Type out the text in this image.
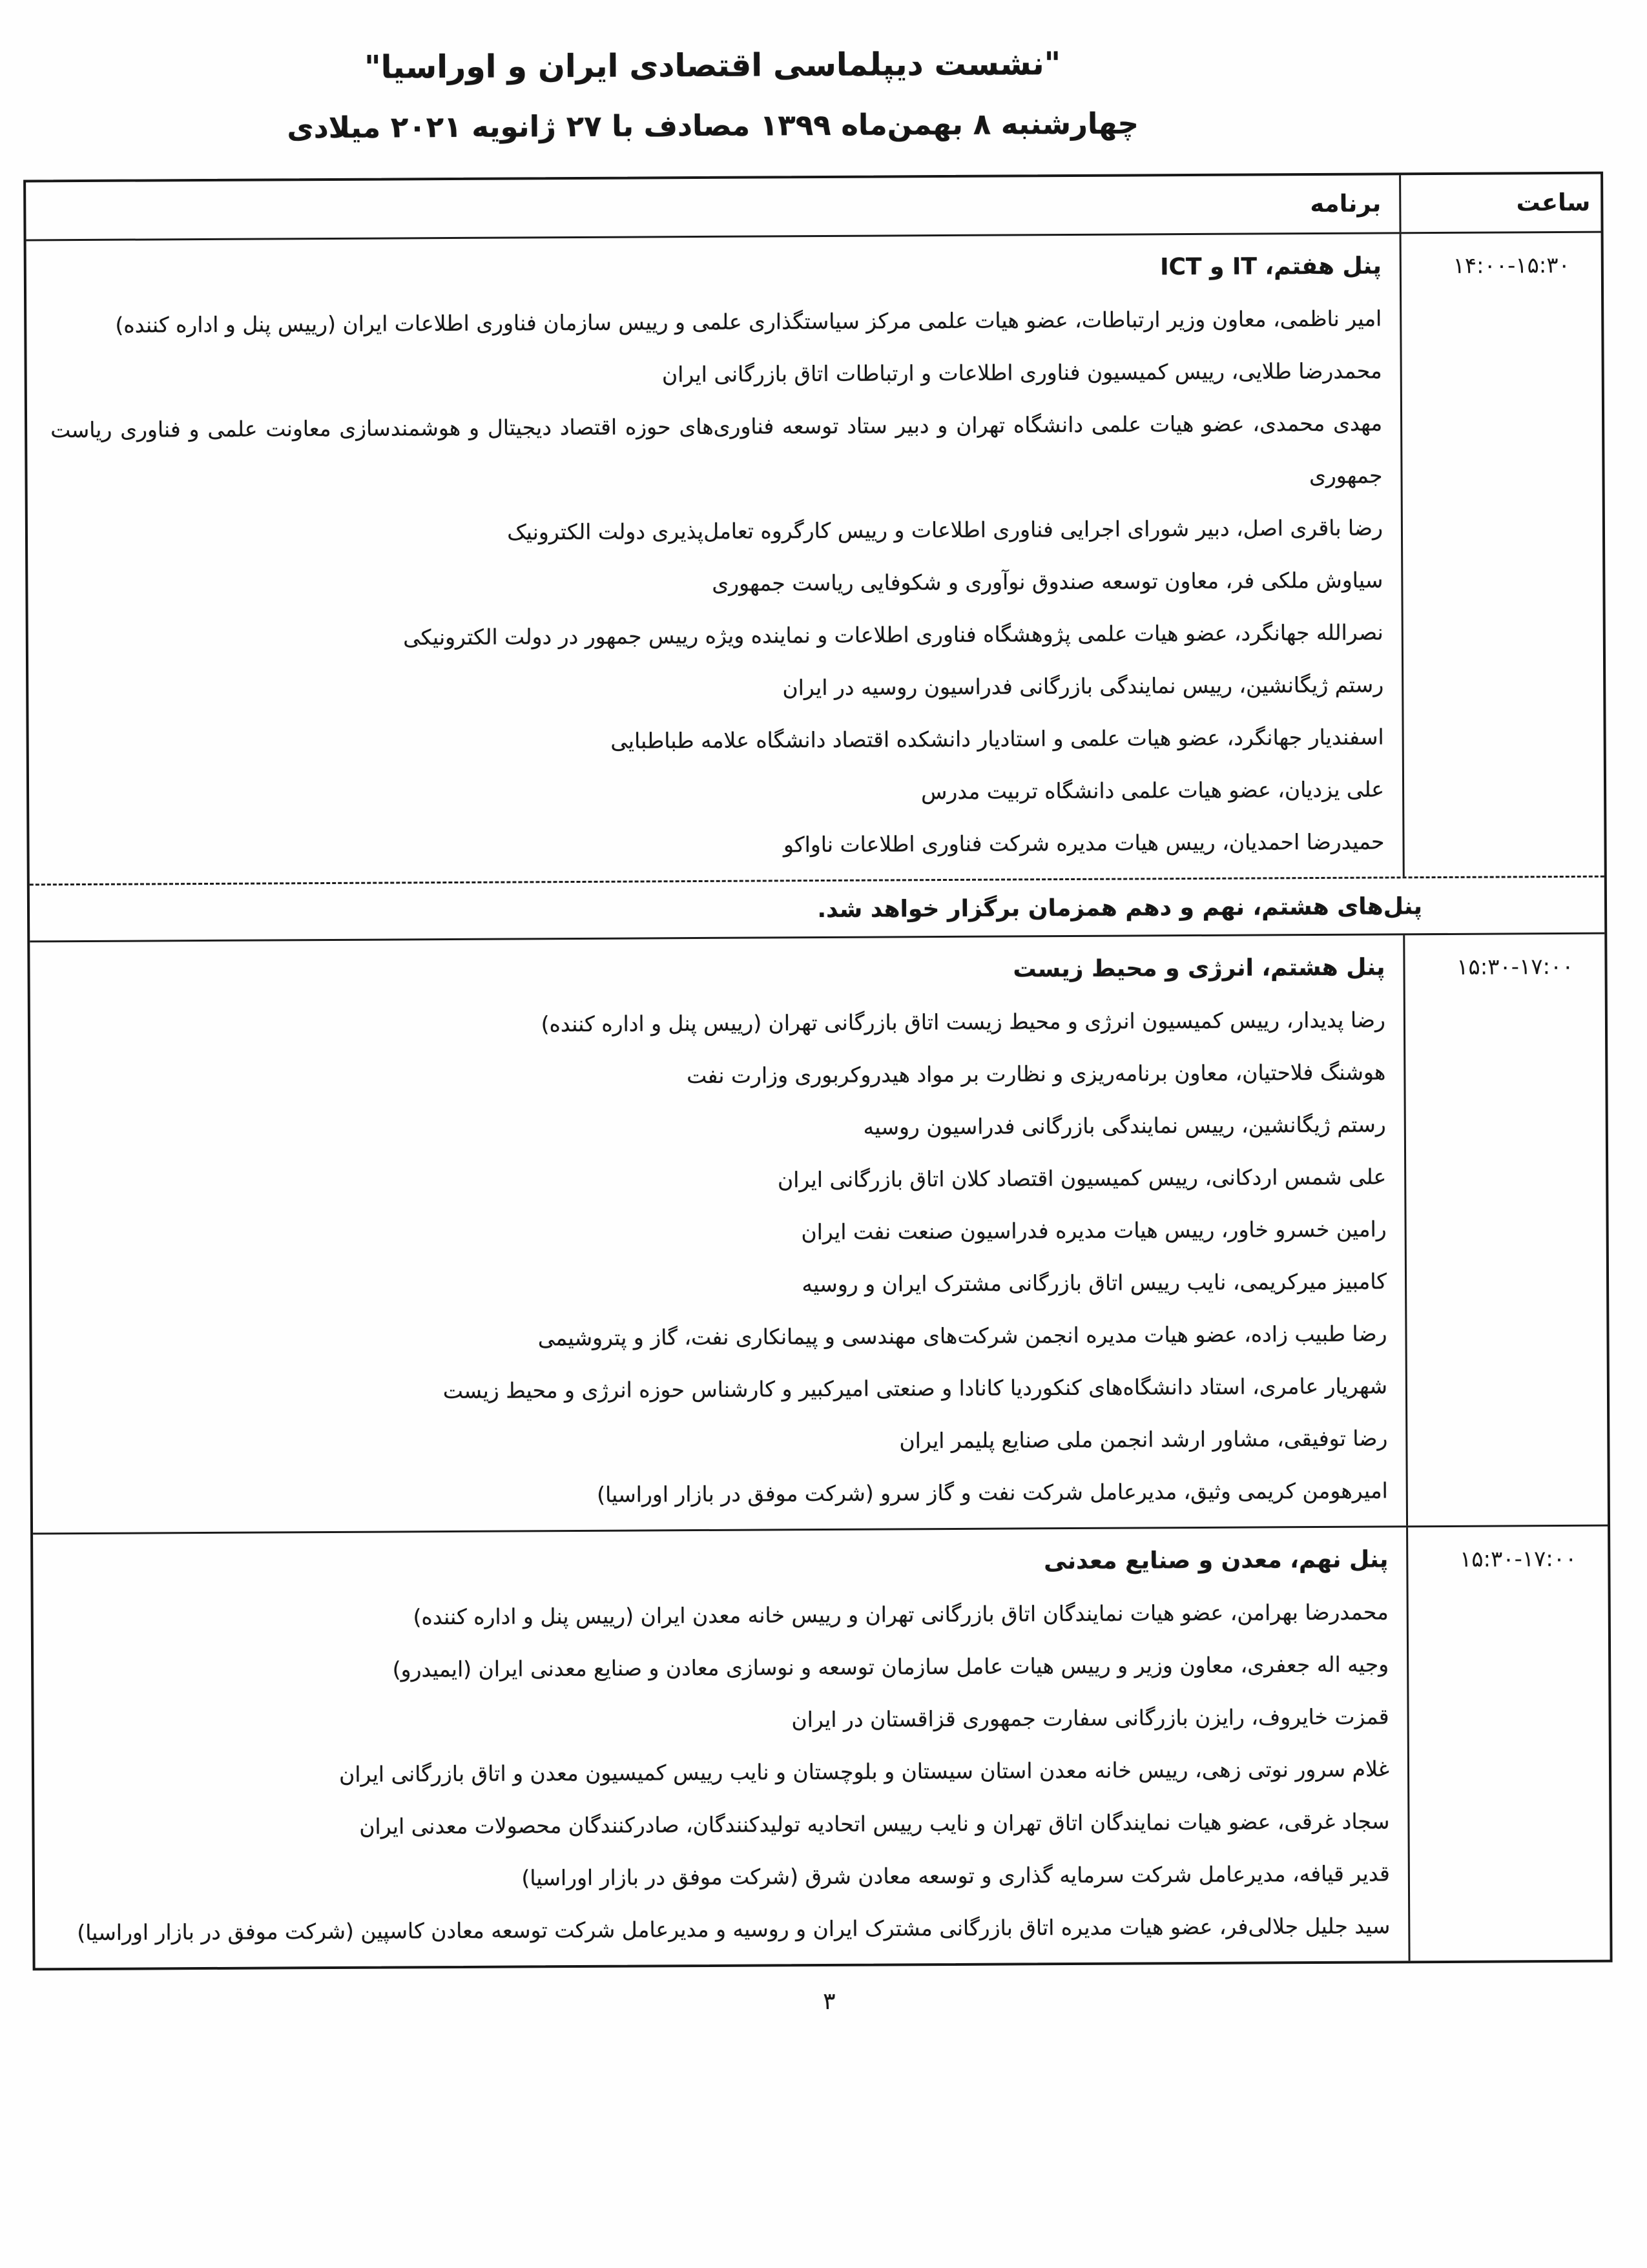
"نشست دیپلماسی اقتصادی ایران و اوراسیا"

چهارشنبه ۸ بهمن‌ماه ۱۳۹۹ مصادف با ۲۷ ژانویه ۲۰۲۱ میلادی

ساعت
برنامه
۱۴:۰۰-۱۵:۳۰

پنل هفتم، IT و ICT

امیر ناظمی، معاون وزیر ارتباطات، عضو هیات علمی مرکز سیاستگذاری علمی و رییس سازمان فناوری اطلاعات ایران (رییس پنل و اداره کننده)

محمدرضا طلایی، رییس کمیسیون فناوری اطلاعات و ارتباطات اتاق بازرگانی ایران

مهدی محمدی، عضو هیات علمی دانشگاه تهران و دبیر ستاد توسعه فناوری‌های حوزه اقتصاد دیجیتال و هوشمندسازی معاونت علمی و فناوری ریاست جمهوری

رضا باقری اصل، دبیر شورای اجرایی فناوری اطلاعات و رییس کارگروه تعامل‌پذیری دولت الکترونیک

سیاوش ملکی فر، معاون توسعه صندوق نوآوری و شکوفایی ریاست جمهوری

نصرالله جهانگرد، عضو هیات علمی پژوهشگاه فناوری اطلاعات و نماینده ویژه رییس جمهور در دولت الکترونیکی

رستم ژیگانشین، رییس نمایندگی بازرگانی فدراسیون روسیه در ایران

اسفندیار جهانگرد، عضو هیات علمی و استادیار دانشکده اقتصاد دانشگاه علامه طباطبایی

علی یزدیان، عضو هیات علمی دانشگاه تربیت مدرس

حمیدرضا احمدیان، رییس هیات مدیره شرکت فناوری اطلاعات ناواکو

پنل‌های هشتم، نهم و دهم همزمان برگزار خواهد شد.
۱۵:۳۰-۱۷:۰۰

پنل هشتم، انرژی و محیط زیست

رضا پدیدار، رییس کمیسیون انرژی و محیط زیست اتاق بازرگانی تهران (رییس پنل و اداره کننده)

هوشنگ فلاحتیان، معاون برنامه‌ریزی و نظارت بر مواد هیدروکربوری وزارت نفت

رستم ژیگانشین، رییس نمایندگی بازرگانی فدراسیون روسیه

علی شمس اردکانی، رییس کمیسیون اقتصاد کلان اتاق بازرگانی ایران

رامین خسرو خاور، رییس هیات مدیره فدراسیون صنعت نفت ایران

کامبیز میرکریمی، نایب رییس اتاق بازرگانی مشترک ایران و روسیه

رضا طبیب زاده، عضو هیات مدیره انجمن شرکت‌های مهندسی و پیمانکاری نفت، گاز و پتروشیمی

شهریار عامری، استاد دانشگاه‌های کنکوردیا کانادا و صنعتی امیرکبیر و کارشناس حوزه انرژی و محیط زیست

رضا توفیقی، مشاور ارشد انجمن ملی صنایع پلیمر ایران

امیرهومن کریمی وثیق، مدیرعامل شرکت نفت و گاز سرو (شرکت موفق در بازار اوراسیا)

۱۵:۳۰-۱۷:۰۰

پنل نهم، معدن و صنایع معدنی

محمدرضا بهرامن، عضو هیات نمایندگان اتاق بازرگانی تهران و رییس خانه معدن ایران (رییس پنل و اداره کننده)

وجیه اله جعفری، معاون وزیر و رییس هیات عامل سازمان توسعه و نوسازی معادن و صنایع معدنی ایران (ایمیدرو)

قمزت خایروف، رایزن بازرگانی سفارت جمهوری قزاقستان در ایران

غلام سرور نوتی زهی، رییس خانه معدن استان سیستان و بلوچستان و نایب رییس کمیسیون معدن و اتاق بازرگانی ایران

سجاد غرقی، عضو هیات نمایندگان اتاق تهران و نایب رییس اتحادیه تولیدکنندگان، صادرکنندگان محصولات معدنی ایران

قدیر قیافه، مدیرعامل شرکت سرمایه گذاری و توسعه معادن شرق (شرکت موفق در بازار اوراسیا)

سید جلیل جلالی‌فر، عضو هیات مدیره اتاق بازرگانی مشترک ایران و روسیه و مدیرعامل شرکت توسعه معادن کاسپین (شرکت موفق در بازار اوراسیا)

۳
